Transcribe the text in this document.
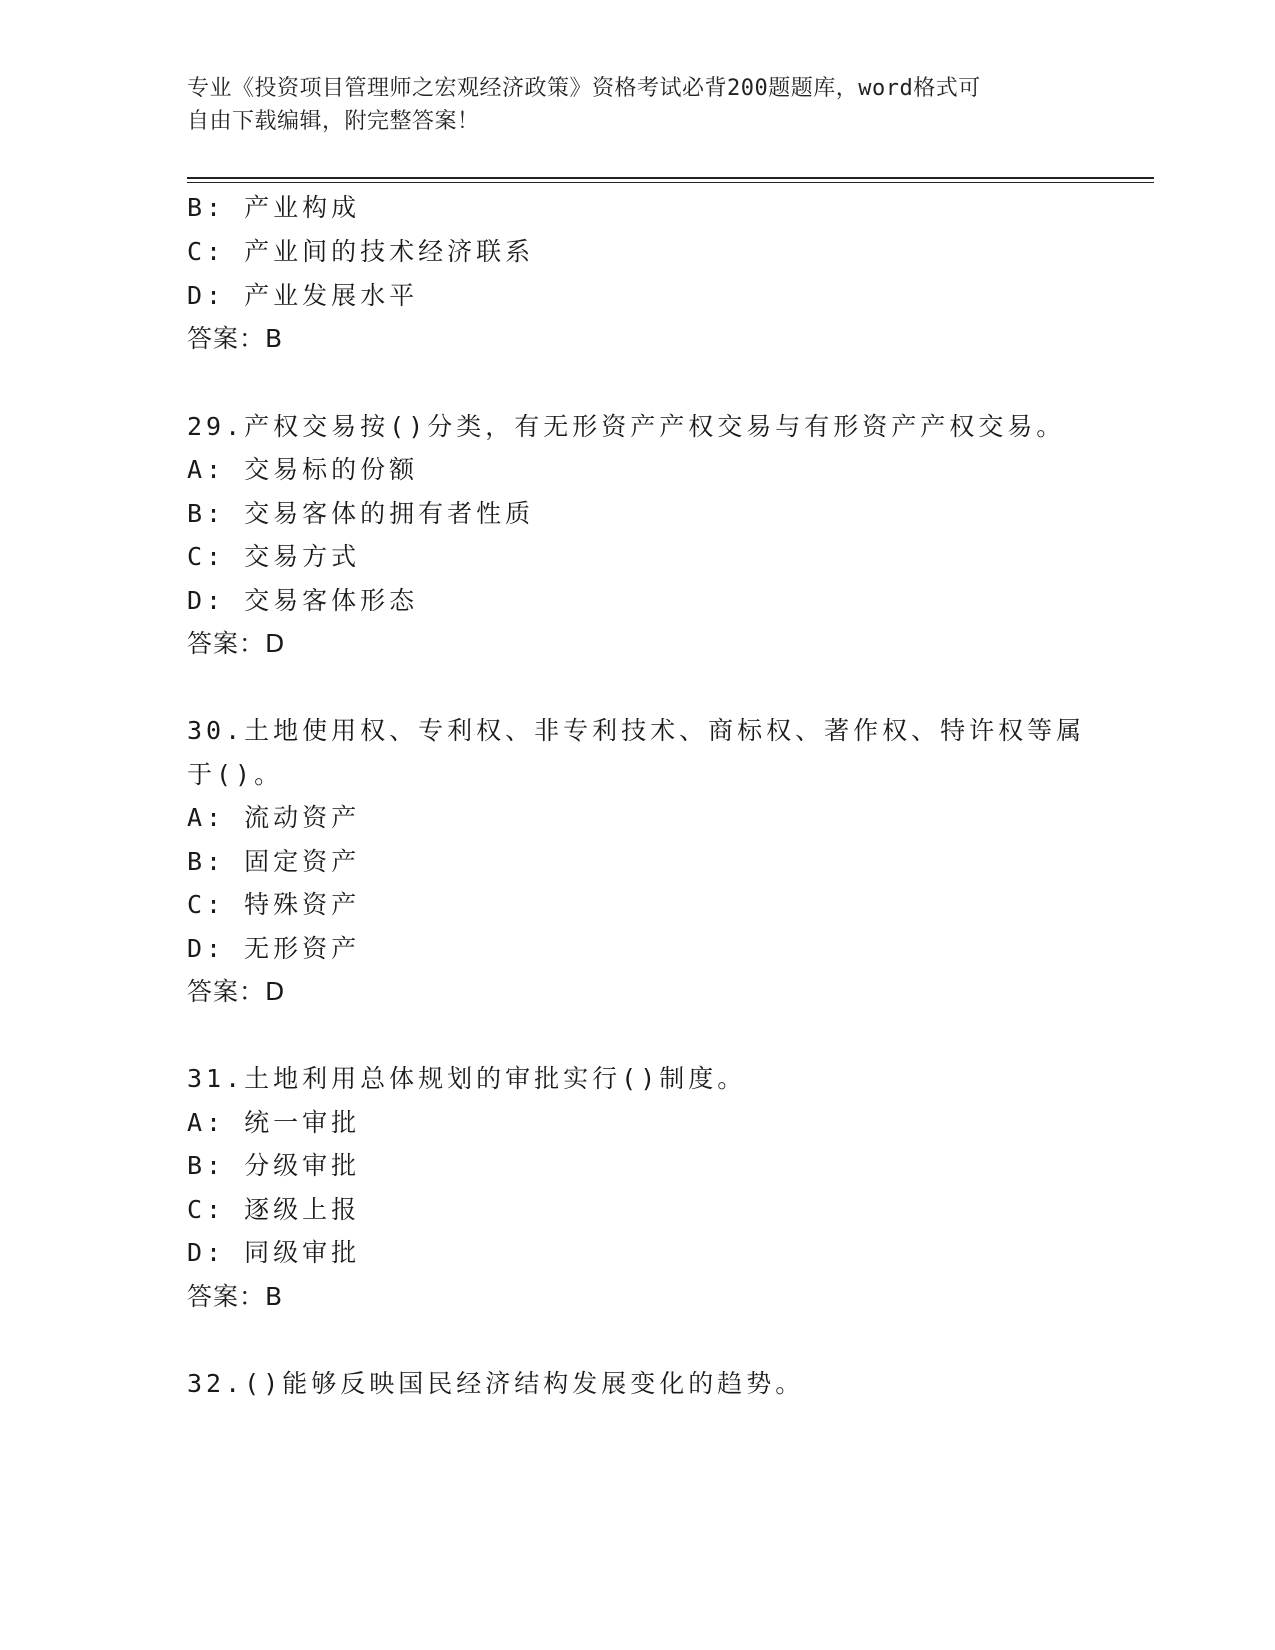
专业《投资项目管理师之宏观经济政策》资格考试必背200题题库，word格式可
自由下载编辑，附完整答案！
B: 产业构成
C: 产业间的技术经济联系
D: 产业发展水平
答案：B
29.产权交易按()分类，有无形资产产权交易与有形资产产权交易。
A: 交易标的份额
B: 交易客体的拥有者性质
C: 交易方式
D: 交易客体形态
答案：D
30.土地使用权、专利权、非专利技术、商标权、著作权、特许权等属
于()。
A: 流动资产
B: 固定资产
C: 特殊资产
D: 无形资产
答案：D
31.土地利用总体规划的审批实行()制度。
A: 统一审批
B: 分级审批
C: 逐级上报
D: 同级审批
答案：B
32.()能够反映国民经济结构发展变化的趋势。
